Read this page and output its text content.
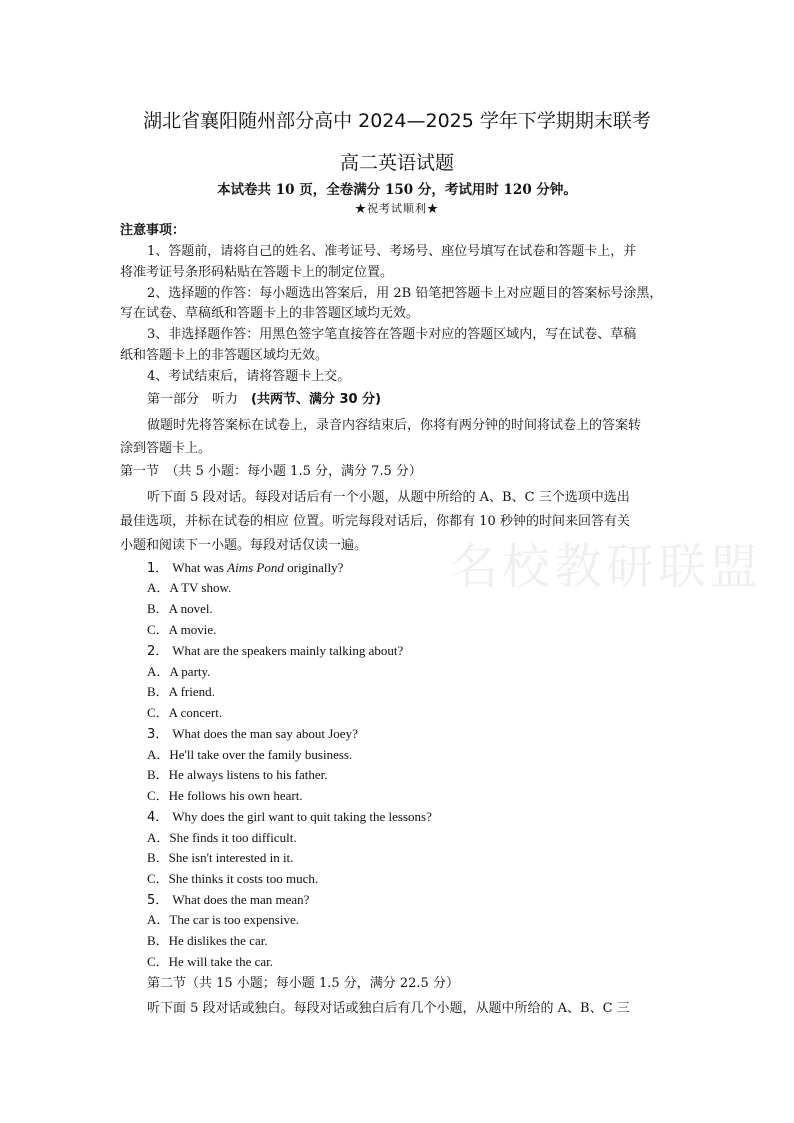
湖北省襄阳随州部分高中 2024—2025 学年下学期期末联考
高二英语试题
本试卷共 10 页，全卷满分 150 分，考试用时 120 分钟。
★祝考试顺利★
注意事项：
1、答题前，请将自己的姓名、准考证号、考场号、座位号填写在试卷和答题卡上，并
将准考证号条形码粘贴在答题卡上的制定位置。
2、选择题的作答：每小题选出答案后，用 2B 铅笔把答题卡上对应题目的答案标号涂黑，
写在试卷、草稿纸和答题卡上的非答题区域均无效。
3、非选择题作答：用黑色签字笔直接答在答题卡对应的答题区域内，写在试卷、草稿
纸和答题卡上的非答题区域均无效。
4、考试结束后，请将答题卡上交。
第一部分　听力　(共两节、满分 30 分)
做题时先将答案标在试卷上，录音内容结束后，你将有两分钟的时间将试卷上的答案转
涂到答题卡上。
第一节　（共 5 小题：每小题 1.5 分，满分 7.5 分）
听下面 5 段对话。每段对话后有一个小题，从题中所给的 A、B、C 三个选项中选出
最佳选项，并标在试卷的相应 位置。听完每段对话后，你都有 10 秒钟的时间来回答有关
小题和阅读下一小题。每段对话仅读一遍。
1． What was Aims Pond originally?
A．A TV show.
B．A novel.
C．A movie.
2． What are the speakers mainly talking about?
A．A party.
B．A friend.
C．A concert.
3． What does the man say about Joey?
A．He'll take over the family business.
B．He always listens to his father.
C．He follows his own heart.
4． Why does the girl want to quit taking the lessons?
A．She finds it too difficult.
B．She isn't interested in it.
C．She thinks it costs too much.
5． What does the man mean?
A．The car is too expensive.
B．He dislikes the car.
C．He will take the car.
第二节（共 15 小题；每小题 1.5 分，满分 22.5 分）
听下面 5 段对话或独白。每段对话或独白后有几个小题，从题中所给的 A、B、C 三
名校教研联盟
